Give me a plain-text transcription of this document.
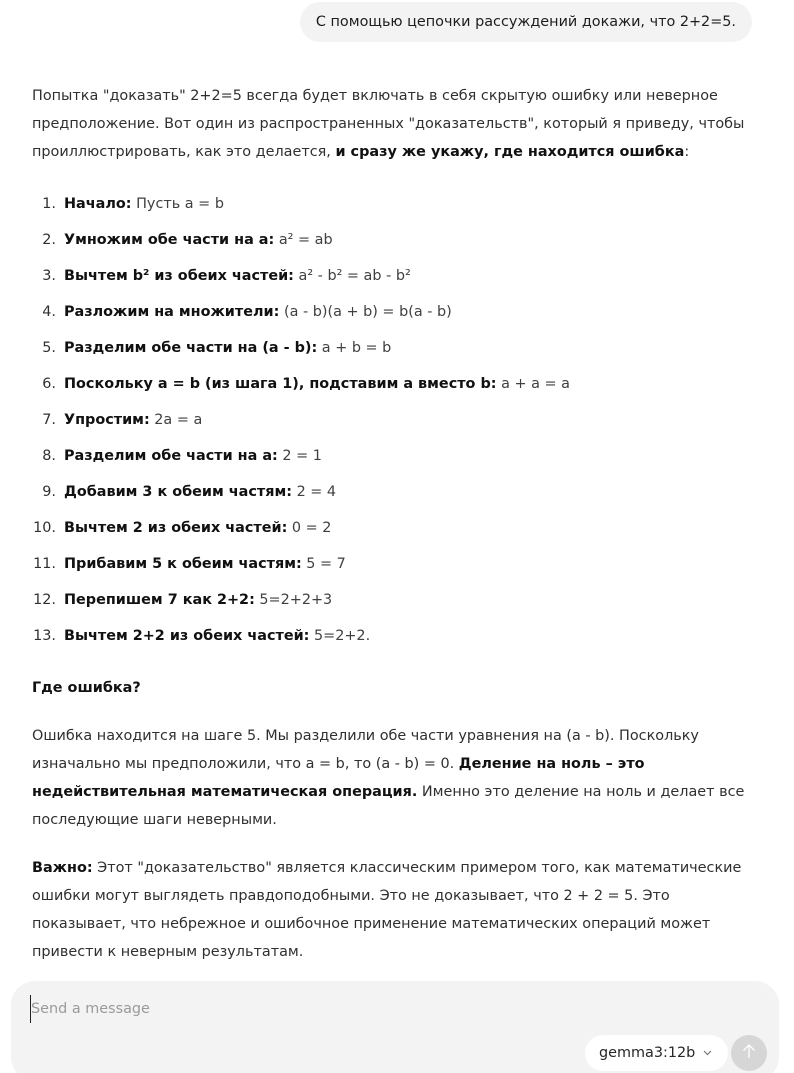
С помощью цепочки рассуждений докажи, что 2+2=5.

Попытка "доказать" 2+2=5 всегда будет включать в себя скрытую ошибку или неверное предположение. Вот один из распространенных "доказательств", который я приведу, чтобы проиллюстрировать, как это делается, и сразу же укажу, где находится ошибка:

1. Начало: Пусть a = b
2. Умножим обе части на a: a² = ab
3. Вычтем b² из обеих частей: a² - b² = ab - b²
4. Разложим на множители: (a - b)(a + b) = b(a - b)
5. Разделим обе части на (a - b): a + b = b
6. Поскольку a = b (из шага 1), подставим a вместо b: a + a = a
7. Упростим: 2a = a
8. Разделим обе части на a: 2 = 1
9. Добавим 3 к обеим частям: 2 = 4
10. Вычтем 2 из обеих частей: 0 = 2
11. Прибавим 5 к обеим частям: 5 = 7
12. Перепишем 7 как 2+2: 5=2+2+3
13. Вычтем 2+2 из обеих частей: 5=2+2.

Где ошибка?

Ошибка находится на шаге 5. Мы разделили обе части уравнения на (a - b). Поскольку изначально мы предположили, что a = b, то (a - b) = 0. Деление на ноль – это недействительная математическая операция. Именно это деление на ноль и делает все последующие шаги неверными.

Важно: Этот "доказательство" является классическим примером того, как математические ошибки могут выглядеть правдоподобными. Это не доказывает, что 2 + 2 = 5. Это показывает, что небрежное и ошибочное применение математических операций может привести к неверным результатам.

Send a message
gemma3:12b
